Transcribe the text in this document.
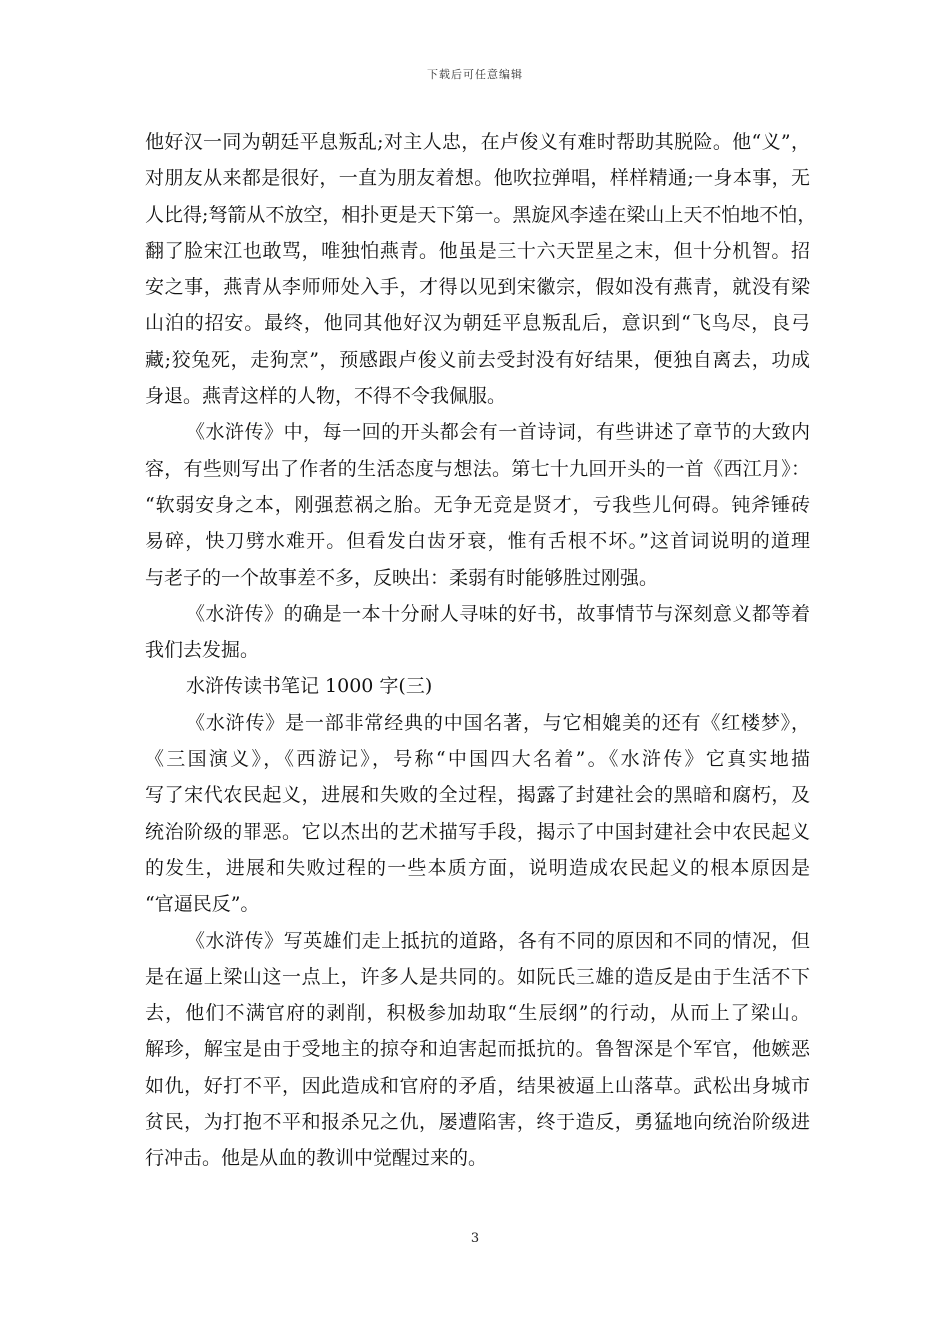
下载后可任意编辑
他好汉一同为朝廷平息叛乱;对主人忠，在卢俊义有难时帮助其脱险。他“义”，
对朋友从来都是很好，一直为朋友着想。他吹拉弹唱，样样精通;一身本事，无
人比得;弩箭从不放空，相扑更是天下第一。黑旋风李逵在梁山上天不怕地不怕，
翻了脸宋江也敢骂，唯独怕燕青。他虽是三十六天罡星之末，但十分机智。招
安之事，燕青从李师师处入手，才得以见到宋徽宗，假如没有燕青，就没有梁
山泊的招安。最终，他同其他好汉为朝廷平息叛乱后，意识到“飞鸟尽，良弓
藏;狡兔死，走狗烹”，预感跟卢俊义前去受封没有好结果，便独自离去，功成
身退。燕青这样的人物，不得不令我佩服。
《水浒传》中，每一回的开头都会有一首诗词，有些讲述了章节的大致内
容，有些则写出了作者的生活态度与想法。第七十九回开头的一首《西江月》：
“软弱安身之本，刚强惹祸之胎。无争无竞是贤才，亏我些儿何碍。钝斧锤砖
易碎，快刀劈水难开。但看发白齿牙衰，惟有舌根不坏。”这首词说明的道理
与老子的一个故事差不多，反映出：柔弱有时能够胜过刚强。
《水浒传》的确是一本十分耐人寻味的好书，故事情节与深刻意义都等着
我们去发掘。
水浒传读书笔记 1000 字(三)
《水浒传》是一部非常经典的中国名著，与它相媲美的还有《红楼梦》，
《三国演义》，《西游记》，号称“中国四大名着”。《水浒传》它真实地描
写了宋代农民起义，进展和失败的全过程，揭露了封建社会的黑暗和腐朽，及
统治阶级的罪恶。它以杰出的艺术描写手段，揭示了中国封建社会中农民起义
的发生，进展和失败过程的一些本质方面，说明造成农民起义的根本原因是
“官逼民反”。
《水浒传》写英雄们走上抵抗的道路，各有不同的原因和不同的情况，但
是在逼上梁山这一点上，许多人是共同的。如阮氏三雄的造反是由于生活不下
去，他们不满官府的剥削，积极参加劫取“生辰纲”的行动，从而上了梁山。
解珍，解宝是由于受地主的掠夺和迫害起而抵抗的。鲁智深是个军官，他嫉恶
如仇，好打不平，因此造成和官府的矛盾，结果被逼上山落草。武松出身城市
贫民，为打抱不平和报杀兄之仇，屡遭陷害，终于造反，勇猛地向统治阶级进
行冲击。他是从血的教训中觉醒过来的。
3
